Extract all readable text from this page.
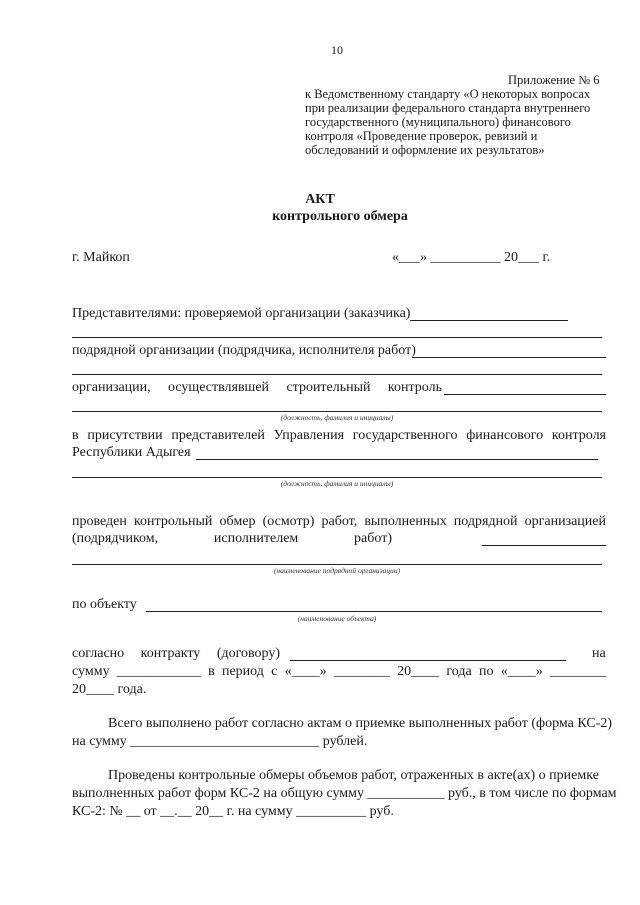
10
Приложение № 6
к Ведомственному стандарту «О некоторых вопросах
при реализации федерального стандарта внутреннего
государственного (муниципального) финансового
контроля «Проведение проверок, ревизий и
обследований и оформление их результатов»
АКТ
контрольного обмера
г. Майкоп	«___» __________ 20___ г.
Представителями: проверяемой организации (заказчика)
подрядной организации (подрядчика, исполнителя работ)
организации, осуществлявшей строительный контроль
(должность, фамилия и инициалы)
в присутствии представителей Управления государственного финансового контроля
Республики Адыгея
(должность, фамилия и инициалы)
проведен контрольный обмер (осмотр) работ, выполненных подрядной организацией
(подрядчиком,	исполнителем	работ)
(наименование подрядной организации)
по объекту
(наименование объекта)
согласно контракту (договору)	на
сумму ____________ в период с «____» ________ 20____ года по «____» ________
20____ года.
Всего выполнено работ согласно актам о приемке выполненных работ (форма КС-2)
на сумму ___________________________ рублей.
Проведены контрольные обмеры объемов работ, отраженных в акте(ах) о приемке
выполненных работ форм КС-2 на общую сумму ___________ руб., в том числе по формам
КС-2: № __ от __.__ 20__ г. на сумму __________ руб.
